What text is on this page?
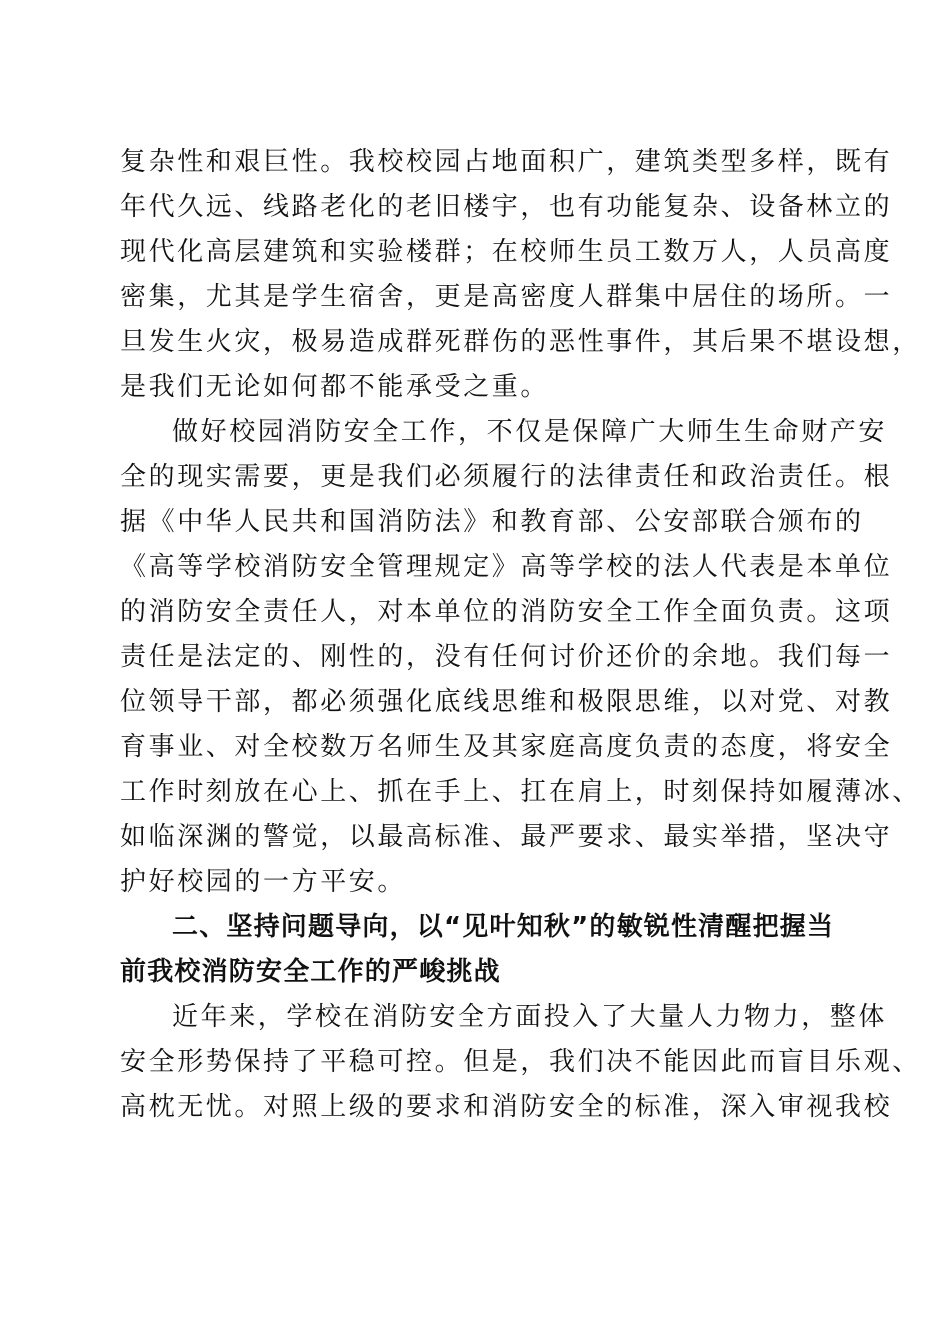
复杂性和艰巨性。我校校园占地面积广，建筑类型多样，既有
年代久远、线路老化的老旧楼宇，也有功能复杂、设备林立的
现代化高层建筑和实验楼群；在校师生员工数万人，人员高度
密集，尤其是学生宿舍，更是高密度人群集中居住的场所。一
旦发生火灾，极易造成群死群伤的恶性事件，其后果不堪设想，
是我们无论如何都不能承受之重。
做好校园消防安全工作，不仅是保障广大师生生命财产安
全的现实需要，更是我们必须履行的法律责任和政治责任。根
据《中华人民共和国消防法》和教育部、公安部联合颁布的
《高等学校消防安全管理规定》高等学校的法人代表是本单位
的消防安全责任人，对本单位的消防安全工作全面负责。这项
责任是法定的、刚性的，没有任何讨价还价的余地。我们每一
位领导干部，都必须强化底线思维和极限思维，以对党、对教
育事业、对全校数万名师生及其家庭高度负责的态度，将安全
工作时刻放在心上、抓在手上、扛在肩上，时刻保持如履薄冰、
如临深渊的警觉，以最高标准、最严要求、最实举措，坚决守
护好校园的一方平安。
二、坚持问题导向，以“见叶知秋”的敏锐性清醒把握当
前我校消防安全工作的严峻挑战
近年来，学校在消防安全方面投入了大量人力物力，整体
安全形势保持了平稳可控。但是，我们决不能因此而盲目乐观、
高枕无忧。对照上级的要求和消防安全的标准，深入审视我校
